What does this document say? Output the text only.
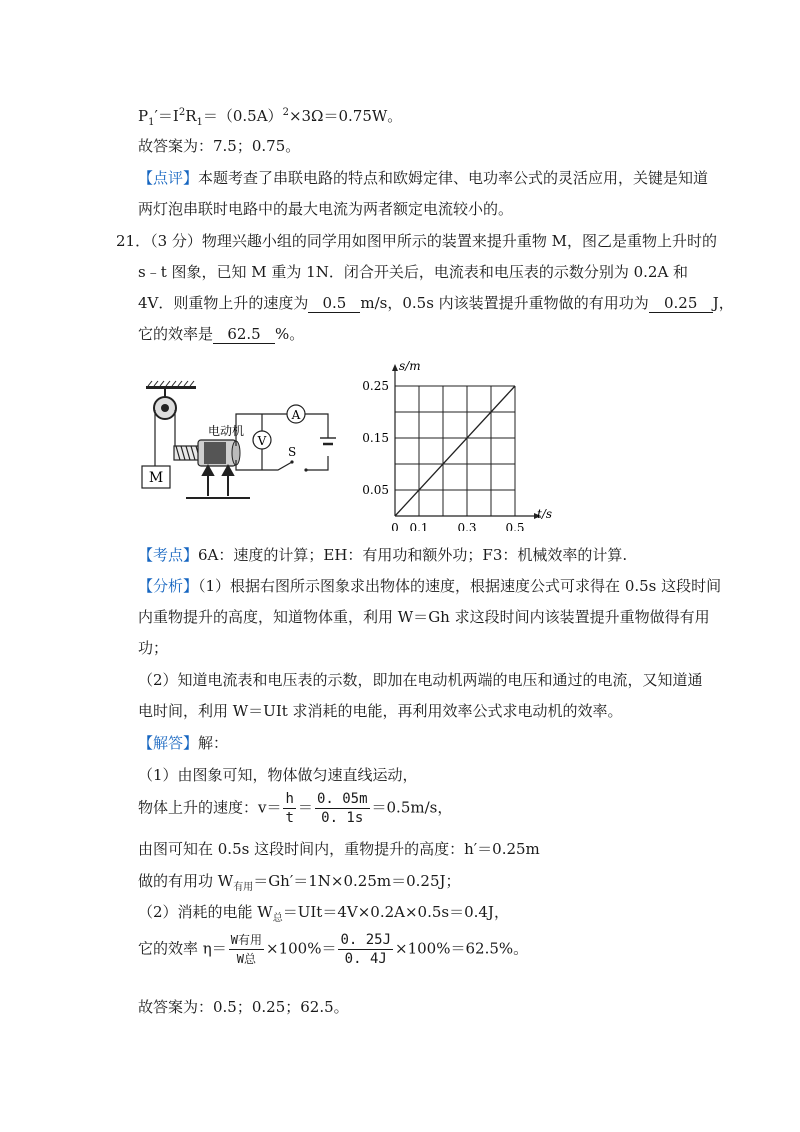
$P_1'=I^2R_1=(0.5A)^2\times 3\Omega=0.75W$。
故答案为：7.5；0.75。
【点评】本题考查了串联电路的特点和欧姆定律、电功率公式的灵活应用，关键是知道
两灯泡串联时电路中的最大电流为两者额定电流较小的。
21．（3 分）物理兴趣小组的同学用如图甲所示的装置来提升重物 M，图乙是重物上升时的
s﹣t 图象，已知 M 重为 1N．闭合开关后，电流表和电压表的示数分别为 0.2A 和
4V．则重物上升的速度为 0.5 m/s，0.5s 内该装置提升重物做的有用功为 0.25 J，
它的效率是 62.5 %。
M
电动机
A
V
S
0 0.1 0.3 0.5
0.05
0.15
0.25
t/s
s/m
【考点】6A：速度的计算；EH：有用功和额外功；F3：机械效率的计算.
【分析】（1）根据右图所示图象求出物体的速度，根据速度公式可求得在 0.5s 这段时间
内重物提升的高度，知道物体重，利用 W＝Gh 求这段时间内该装置提升重物做得有用
功；
（2）知道电流表和电压表的示数，即加在电动机两端的电压和通过的电流，又知道通
电时间，利用 W＝UIt 求消耗的电能，再利用效率公式求电动机的效率。
【解答】解：
（1）由图象可知，物体做匀速直线运动，
物体上升的速度：$v= \frac{h}{t} = \frac{0. 05m}{0. 1s} =0.5m/s$，
由图可知在 0.5s 这段时间内，重物提升的高度：h′＝0.25m
做的有用功 $W_{有用}=Gh'=1N\times 0.25m=0.25J$；
（2）消耗的电能 $W_总=UIt=4V\times 0.2A\times 0.5s=0.4J$，
它的效率 $\eta= \frac{\text{W有用}}{\text{W总}} \times 100\%= \frac{0. 25J}{0. 4J} \times 100\%=62.5\%$。
故答案为：0.5；0.25；62.5。
